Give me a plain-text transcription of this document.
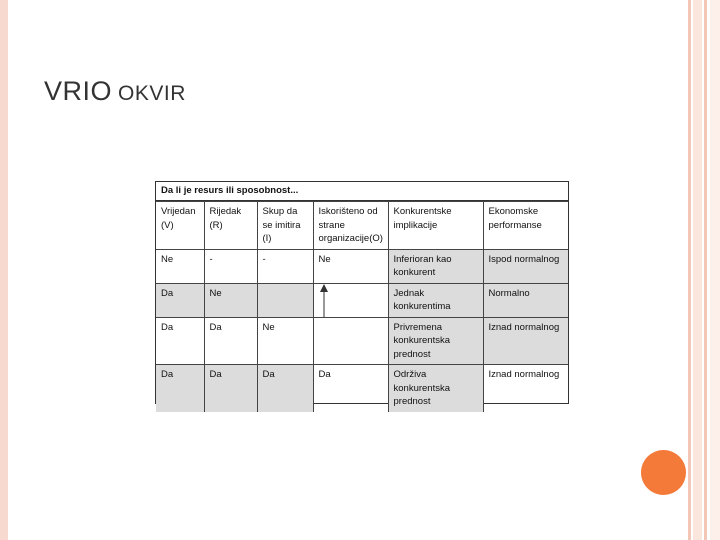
VRIO OKVIR
Da li je resurs ili sposobnost...
Vrijedan (V)	Rijedak (R)	Skup da se imitira (I)	Iskorišteno od strane organizacije(O)	Konkurentske implikacije	Ekonomske performanse
Ne	-	-	Ne	Inferioran kao konkurent	Ispod normalnog
Da	Ne			Jednak konkurentima	Normalno
Da	Da	Ne		Privremena konkurentska prednost	Iznad normalnog
Da	Da	Da	Da	Održiva konkurentska prednost	Iznad normalnog
